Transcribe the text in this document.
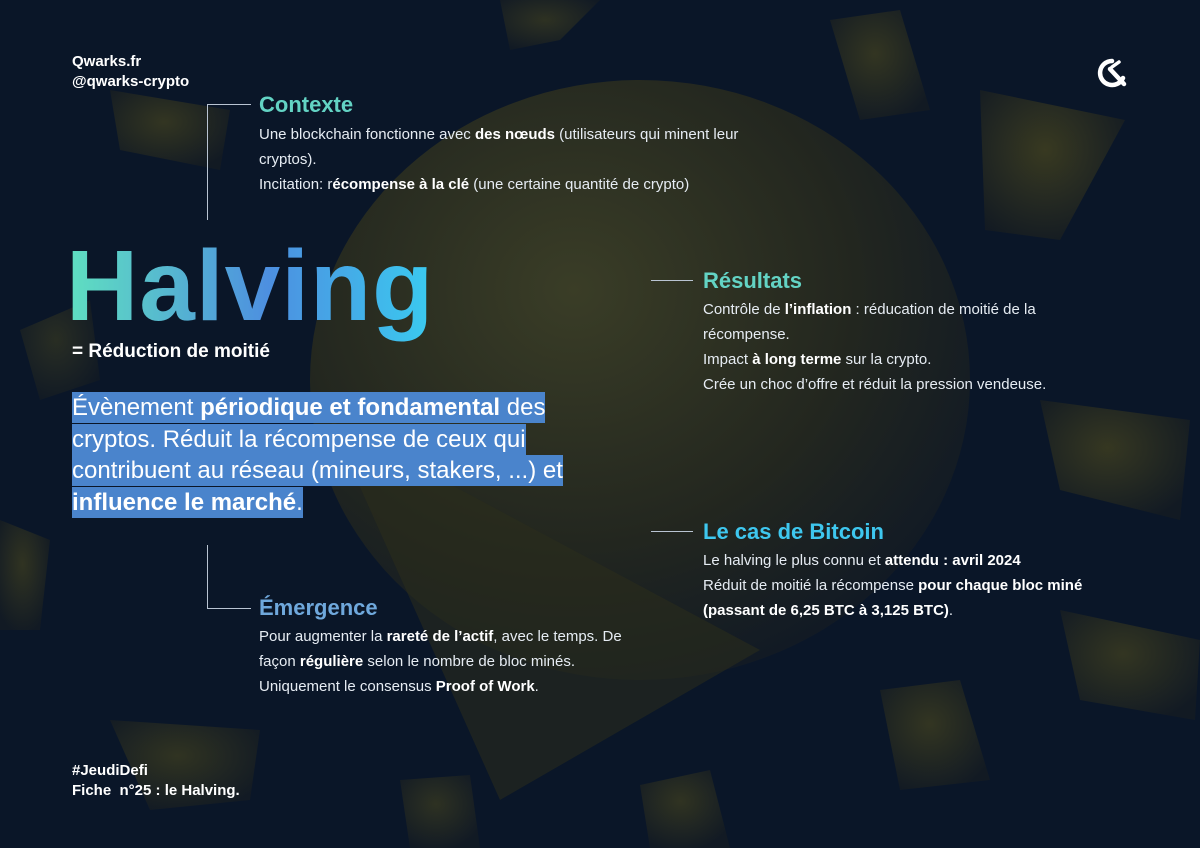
Qwarks.fr
@qwarks-crypto
Contexte

Une blockchain fonctionne avec des nœuds (utilisateurs qui minent leur cryptos).

Incitation: récompense à la clé (une certaine quantité de crypto)

Halving
= Réduction de moitié
Évènement périodique et fondamental des cryptos. Réduit la récompense de ceux qui contribuent au réseau (mineurs, stakers, ...) et influence le marché.
Résultats

Contrôle de l’inflation : réducation de moitié de la récompense.

Impact à long terme sur la crypto.

Crée un choc d’offre et réduit la pression vendeuse.

Le cas de Bitcoin

Le halving le plus connu et attendu : avril 2024

Réduit de moitié la récompense pour chaque bloc miné (passant de 6,25 BTC à 3,125 BTC).

Émergence

Pour augmenter la rareté de l’actif, avec le temps. De façon régulière selon le nombre de bloc minés.

Uniquement le consensus Proof of Work.

#JeudiDefi
Fiche  n°25 : le Halving.
